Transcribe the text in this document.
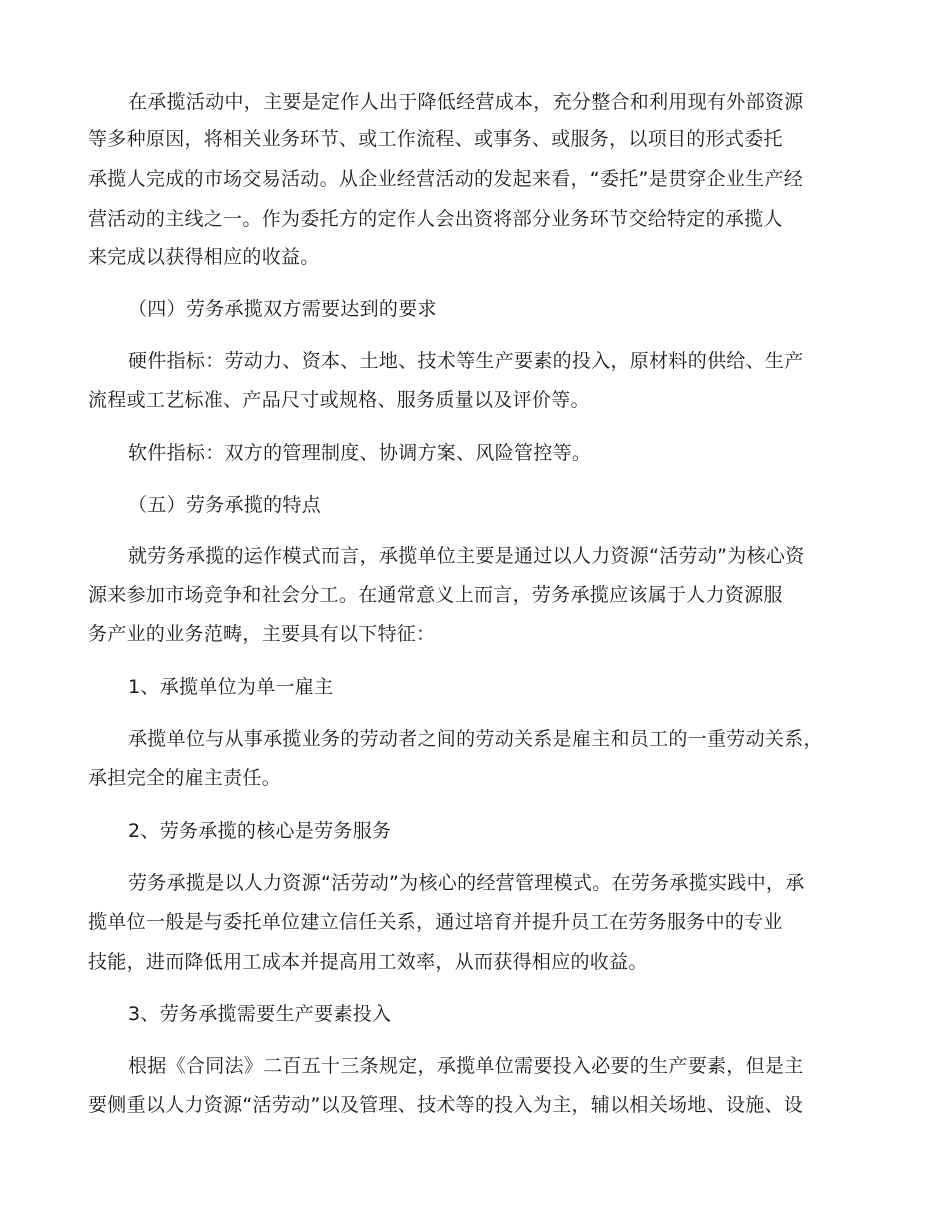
在承揽活动中，主要是定作人出于降低经营成本，充分整合和利用现有外部资源
等多种原因，将相关业务环节、或工作流程、或事务、或服务，以项目的形式委托
承揽人完成的市场交易活动。从企业经营活动的发起来看，“委托”是贯穿企业生产经
营活动的主线之一。作为委托方的定作人会出资将部分业务环节交给特定的承揽人
来完成以获得相应的收益。
（四）劳务承揽双方需要达到的要求
硬件指标：劳动力、资本、土地、技术等生产要素的投入，原材料的供给、生产
流程或工艺标准、产品尺寸或规格、服务质量以及评价等。
软件指标：双方的管理制度、协调方案、风险管控等。
（五）劳务承揽的特点
就劳务承揽的运作模式而言，承揽单位主要是通过以人力资源“活劳动”为核心资
源来参加市场竞争和社会分工。在通常意义上而言，劳务承揽应该属于人力资源服
务产业的业务范畴，主要具有以下特征：
1、承揽单位为单一雇主
承揽单位与从事承揽业务的劳动者之间的劳动关系是雇主和员工的一重劳动关系，
承担完全的雇主责任。
2、劳务承揽的核心是劳务服务
劳务承揽是以人力资源“活劳动”为核心的经营管理模式。在劳务承揽实践中，承
揽单位一般是与委托单位建立信任关系，通过培育并提升员工在劳务服务中的专业
技能，进而降低用工成本并提高用工效率，从而获得相应的收益。
3、劳务承揽需要生产要素投入
根据《合同法》二百五十三条规定，承揽单位需要投入必要的生产要素，但是主
要侧重以人力资源“活劳动”以及管理、技术等的投入为主，辅以相关场地、设施、设
